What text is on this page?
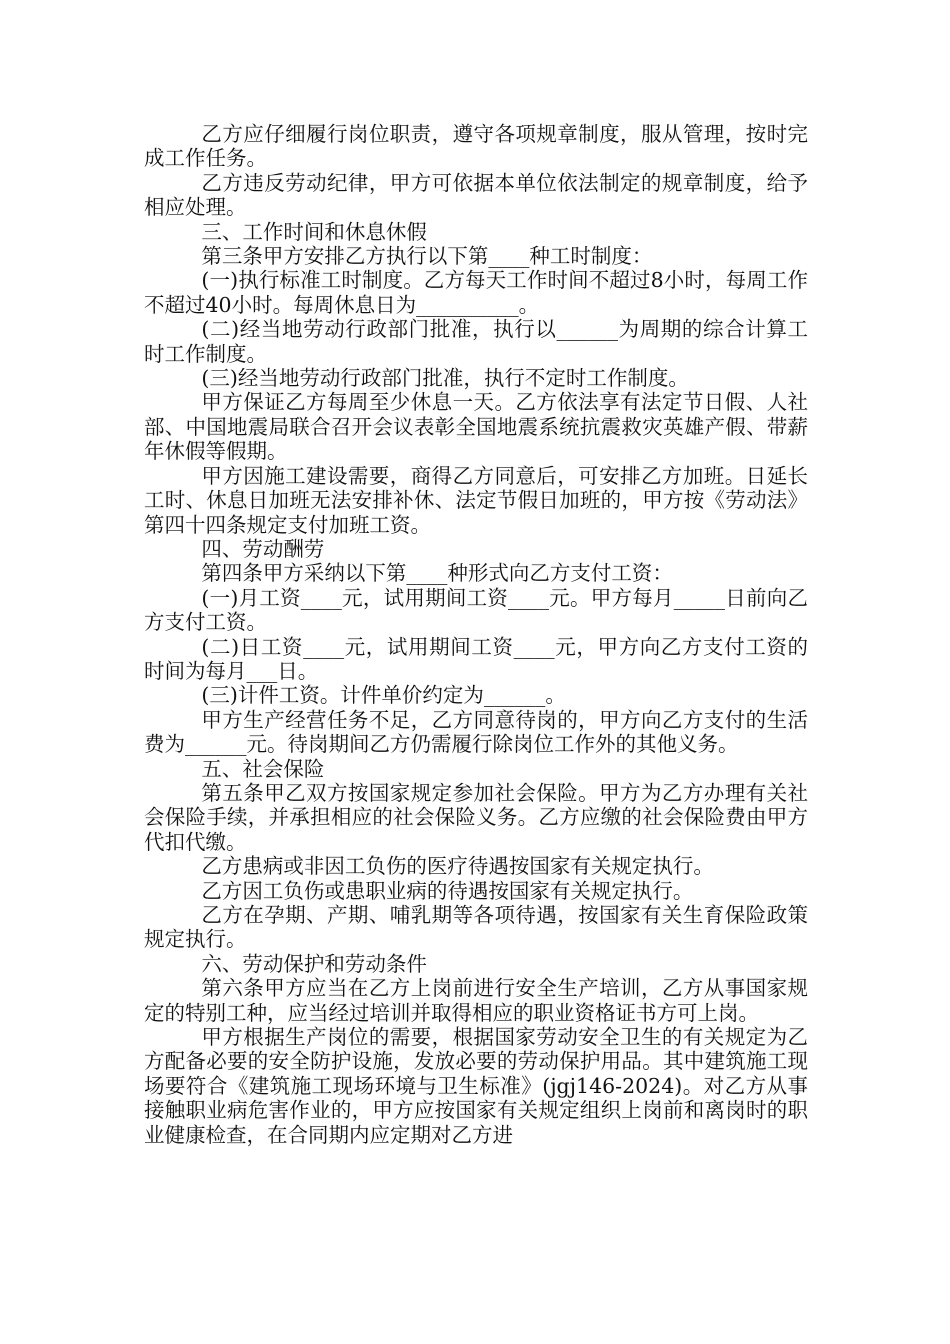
乙方应仔细履行岗位职责，遵守各项规章制度，服从管理，按时完成工作任务。

乙方违反劳动纪律，甲方可依据本单位依法制定的规章制度，给予相应处理。

三、工作时间和休息休假

第三条甲方安排乙方执行以下第____种工时制度：

(一)执行标准工时制度。乙方每天工作时间不超过8小时，每周工作不超过40小时。每周休息日为__________。

(二)经当地劳动行政部门批准，执行以______为周期的综合计算工时工作制度。

(三)经当地劳动行政部门批准，执行不定时工作制度。

甲方保证乙方每周至少休息一天。乙方依法享有法定节日假、人社部、中国地震局联合召开会议表彰全国地震系统抗震救灾英雄产假、带薪年休假等假期。

甲方因施工建设需要，商得乙方同意后，可安排乙方加班。日延长工时、休息日加班无法安排补休、法定节假日加班的，甲方按《劳动法》第四十四条规定支付加班工资。

四、劳动酬劳

第四条甲方采纳以下第____种形式向乙方支付工资：

(一)月工资____元，试用期间工资____元。甲方每月_____日前向乙方支付工资。

(二)日工资____元，试用期间工资____元，甲方向乙方支付工资的时间为每月___日。

(三)计件工资。计件单价约定为______。

甲方生产经营任务不足，乙方同意待岗的，甲方向乙方支付的生活费为______元。待岗期间乙方仍需履行除岗位工作外的其他义务。

五、社会保险

第五条甲乙双方按国家规定参加社会保险。甲方为乙方办理有关社会保险手续，并承担相应的社会保险义务。乙方应缴的社会保险费由甲方代扣代缴。

乙方患病或非因工负伤的医疗待遇按国家有关规定执行。

乙方因工负伤或患职业病的待遇按国家有关规定执行。

乙方在孕期、产期、哺乳期等各项待遇，按国家有关生育保险政策规定执行。

六、劳动保护和劳动条件

第六条甲方应当在乙方上岗前进行安全生产培训，乙方从事国家规定的特别工种，应当经过培训并取得相应的职业资格证书方可上岗。

甲方根据生产岗位的需要，根据国家劳动安全卫生的有关规定为乙方配备必要的安全防护设施，发放必要的劳动保护用品。其中建筑施工现场要符合《建筑施工现场环境与卫生标准》(jgj146-2024)。对乙方从事接触职业病危害作业的，甲方应按国家有关规定组织上岗前和离岗时的职业健康检查，在合同期内应定期对乙方进
